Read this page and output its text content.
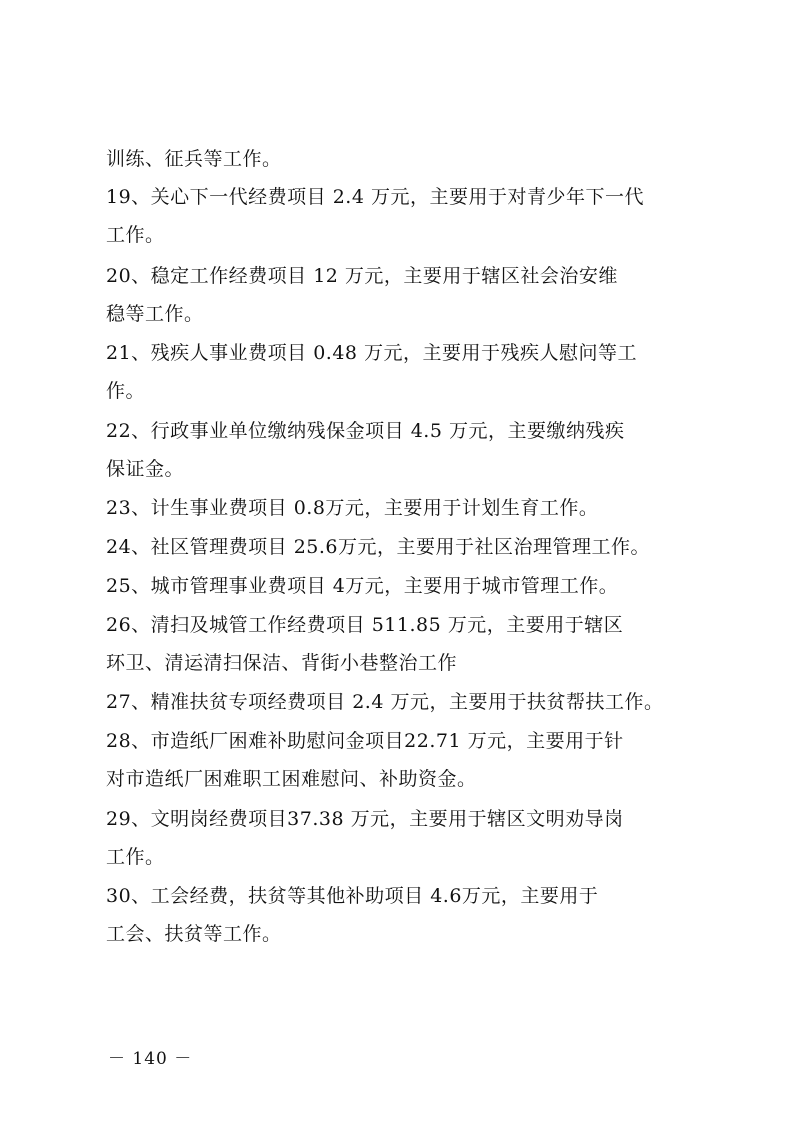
训练、征兵等工作。
19、关心下一代经费项目 2.4 万元，主要用于对青少年下一代
工作。
20、稳定工作经费项目 12 万元，主要用于辖区社会治安维
稳等工作。
21、残疾人事业费项目 0.48 万元，主要用于残疾人慰问等工
作。
22、行政事业单位缴纳残保金项目 4.5 万元，主要缴纳残疾
保证金。
23、计生事业费项目 0.8万元，主要用于计划生育工作。
24、社区管理费项目 25.6万元，主要用于社区治理管理工作。
25、城市管理事业费项目 4万元，主要用于城市管理工作。
26、清扫及城管工作经费项目 511.85 万元，主要用于辖区
环卫、清运清扫保洁、背街小巷整治工作
27、精准扶贫专项经费项目 2.4 万元，主要用于扶贫帮扶工作。
28、市造纸厂困难补助慰问金项目22.71 万元，主要用于针
对市造纸厂困难职工困难慰问、补助资金。
29、文明岗经费项目37.38 万元，主要用于辖区文明劝导岗
工作。
30、工会经费，扶贫等其他补助项目 4.6万元，主要用于
工会、扶贫等工作。
－ 140 －
